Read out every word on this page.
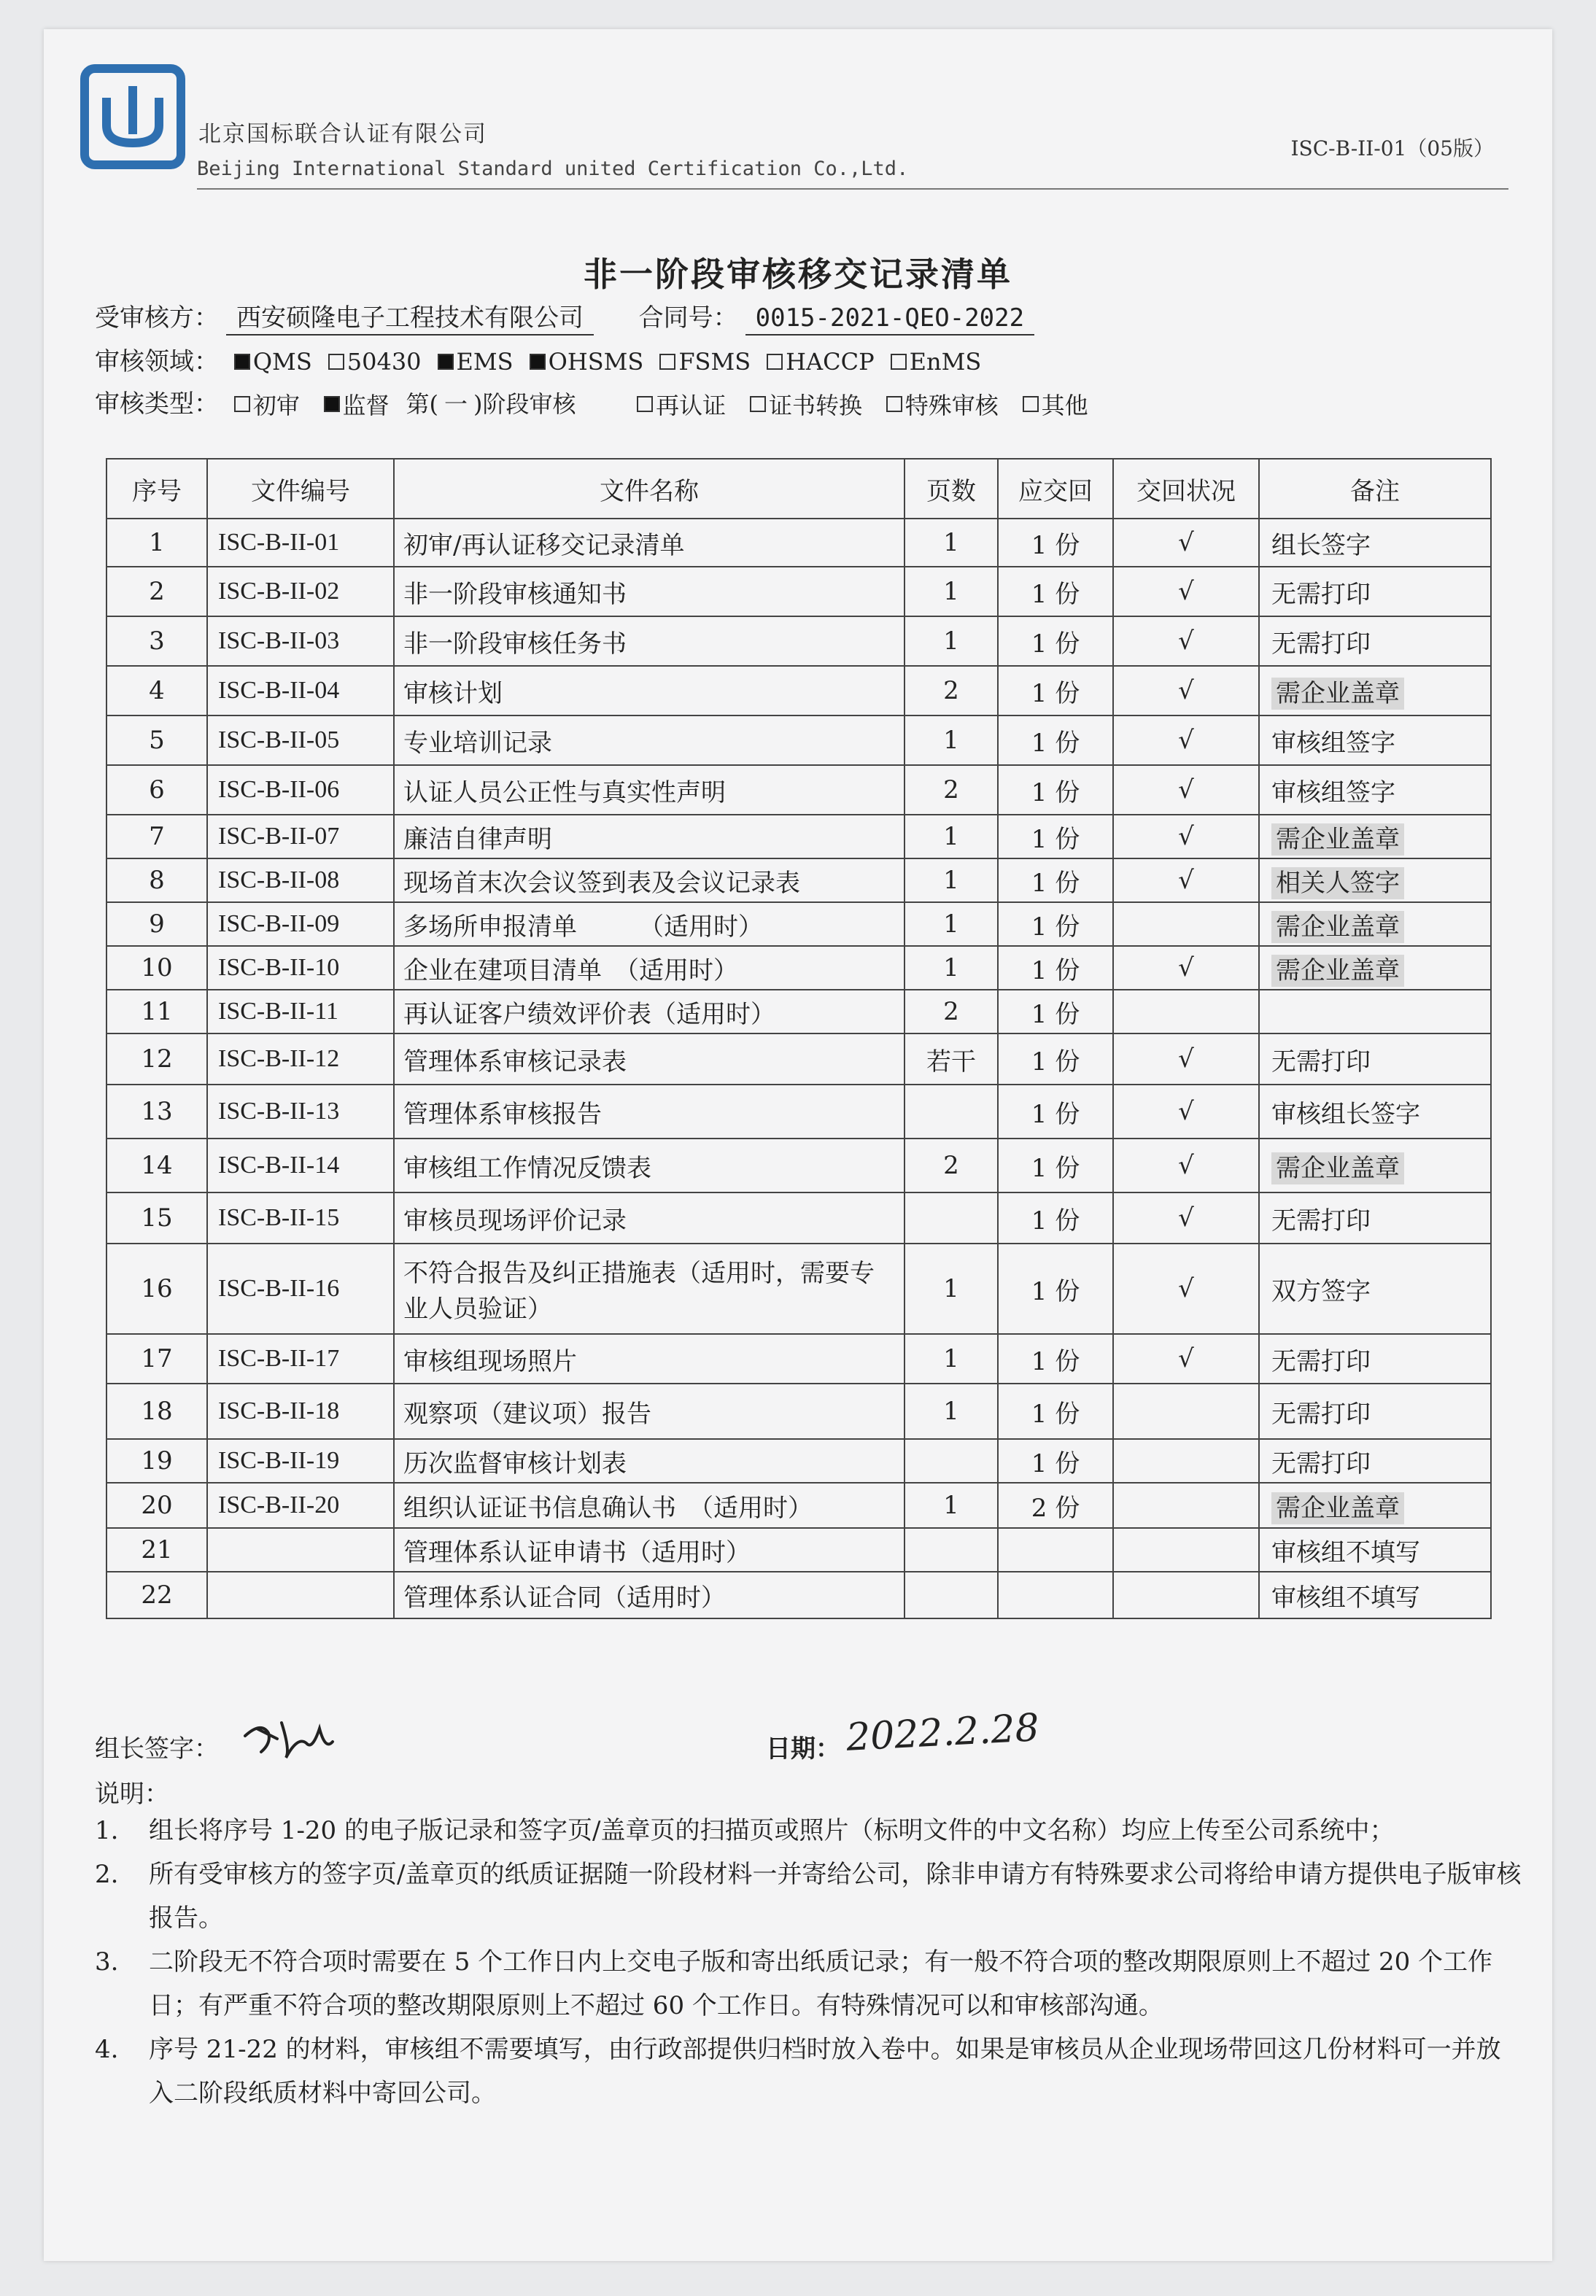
北京国标联合认证有限公司
Beijing International Standard united Certification Co.,Ltd.
ISC-B-II-01（05版）
非一阶段审核移交记录清单
受审核方： 西安硕隆电子工程技术有限公司 合同号： 0015-2021-QEO-2022
审核领域： QMS 50430 EMS OHSMS FSMS HACCP EnMS
审核类型： 初审
监督
第( 一 )阶段审核
	再认证
证书转换
特殊审核
其他
序号	文件编号	文件名称	页数	应交回	交回状况	备注
1	ISC-B-II-01	初审/再认证移交记录清单	1	1 份	√	组长签字
2	ISC-B-II-02	非一阶段审核通知书	1	1 份	√	无需打印
3	ISC-B-II-03	非一阶段审核任务书	1	1 份	√	无需打印
4	ISC-B-II-04	审核计划	2	1 份	√	需企业盖章
5	ISC-B-II-05	专业培训记录	1	1 份	√	审核组签字
6	ISC-B-II-06	认证人员公正性与真实性声明	2	1 份	√	审核组签字
7	ISC-B-II-07	廉洁自律声明	1	1 份	√	需企业盖章
8	ISC-B-II-08	现场首末次会议签到表及会议记录表	1	1 份	√	相关人签字
9	ISC-B-II-09	多场所申报清单　　　（适用时）	1	1 份		需企业盖章
10	ISC-B-II-10	企业在建项目清单　（适用时）	1	1 份	√	需企业盖章
11	ISC-B-II-11	再认证客户绩效评价表（适用时）	2	1 份		
12	ISC-B-II-12	管理体系审核记录表	若干	1 份	√	无需打印
13	ISC-B-II-13	管理体系审核报告		1 份	√	审核组长签字
14	ISC-B-II-14	审核组工作情况反馈表	2	1 份	√	需企业盖章
15	ISC-B-II-15	审核员现场评价记录		1 份	√	无需打印
16	ISC-B-II-16	不符合报告及纠正措施表（适用时，需要专业人员验证）	1	1 份	√	双方签字
17	ISC-B-II-17	审核组现场照片	1	1 份	√	无需打印
18	ISC-B-II-18	观察项（建议项）报告	1	1 份		无需打印
19	ISC-B-II-19	历次监督审核计划表		1 份		无需打印
20	ISC-B-II-20	组织认证证书信息确认书　（适用时）	1	2 份		需企业盖章
21		管理体系认证申请书（适用时）				审核组不填写
22		管理体系认证合同（适用时）				审核组不填写
组长签字：	日期： 2022.2.28
说明：
1.	组长将序号 1-20 的电子版记录和签字页/盖章页的扫描页或照片（标明文件的中文名称）均应上传至公司系统中；
2.	所有受审核方的签字页/盖章页的纸质证据随一阶段材料一并寄给公司，除非申请方有特殊要求公司将给申请方提供电子版审核报告。
3.	二阶段无不符合项时需要在 5 个工作日内上交电子版和寄出纸质记录；有一般不符合项的整改期限原则上不超过 20 个工作日；有严重不符合项的整改期限原则上不超过 60 个工作日。有特殊情况可以和审核部沟通。
4.	序号 21-22 的材料，审核组不需要填写，由行政部提供归档时放入卷中。如果是审核员从企业现场带回这几份材料可一并放入二阶段纸质材料中寄回公司。
